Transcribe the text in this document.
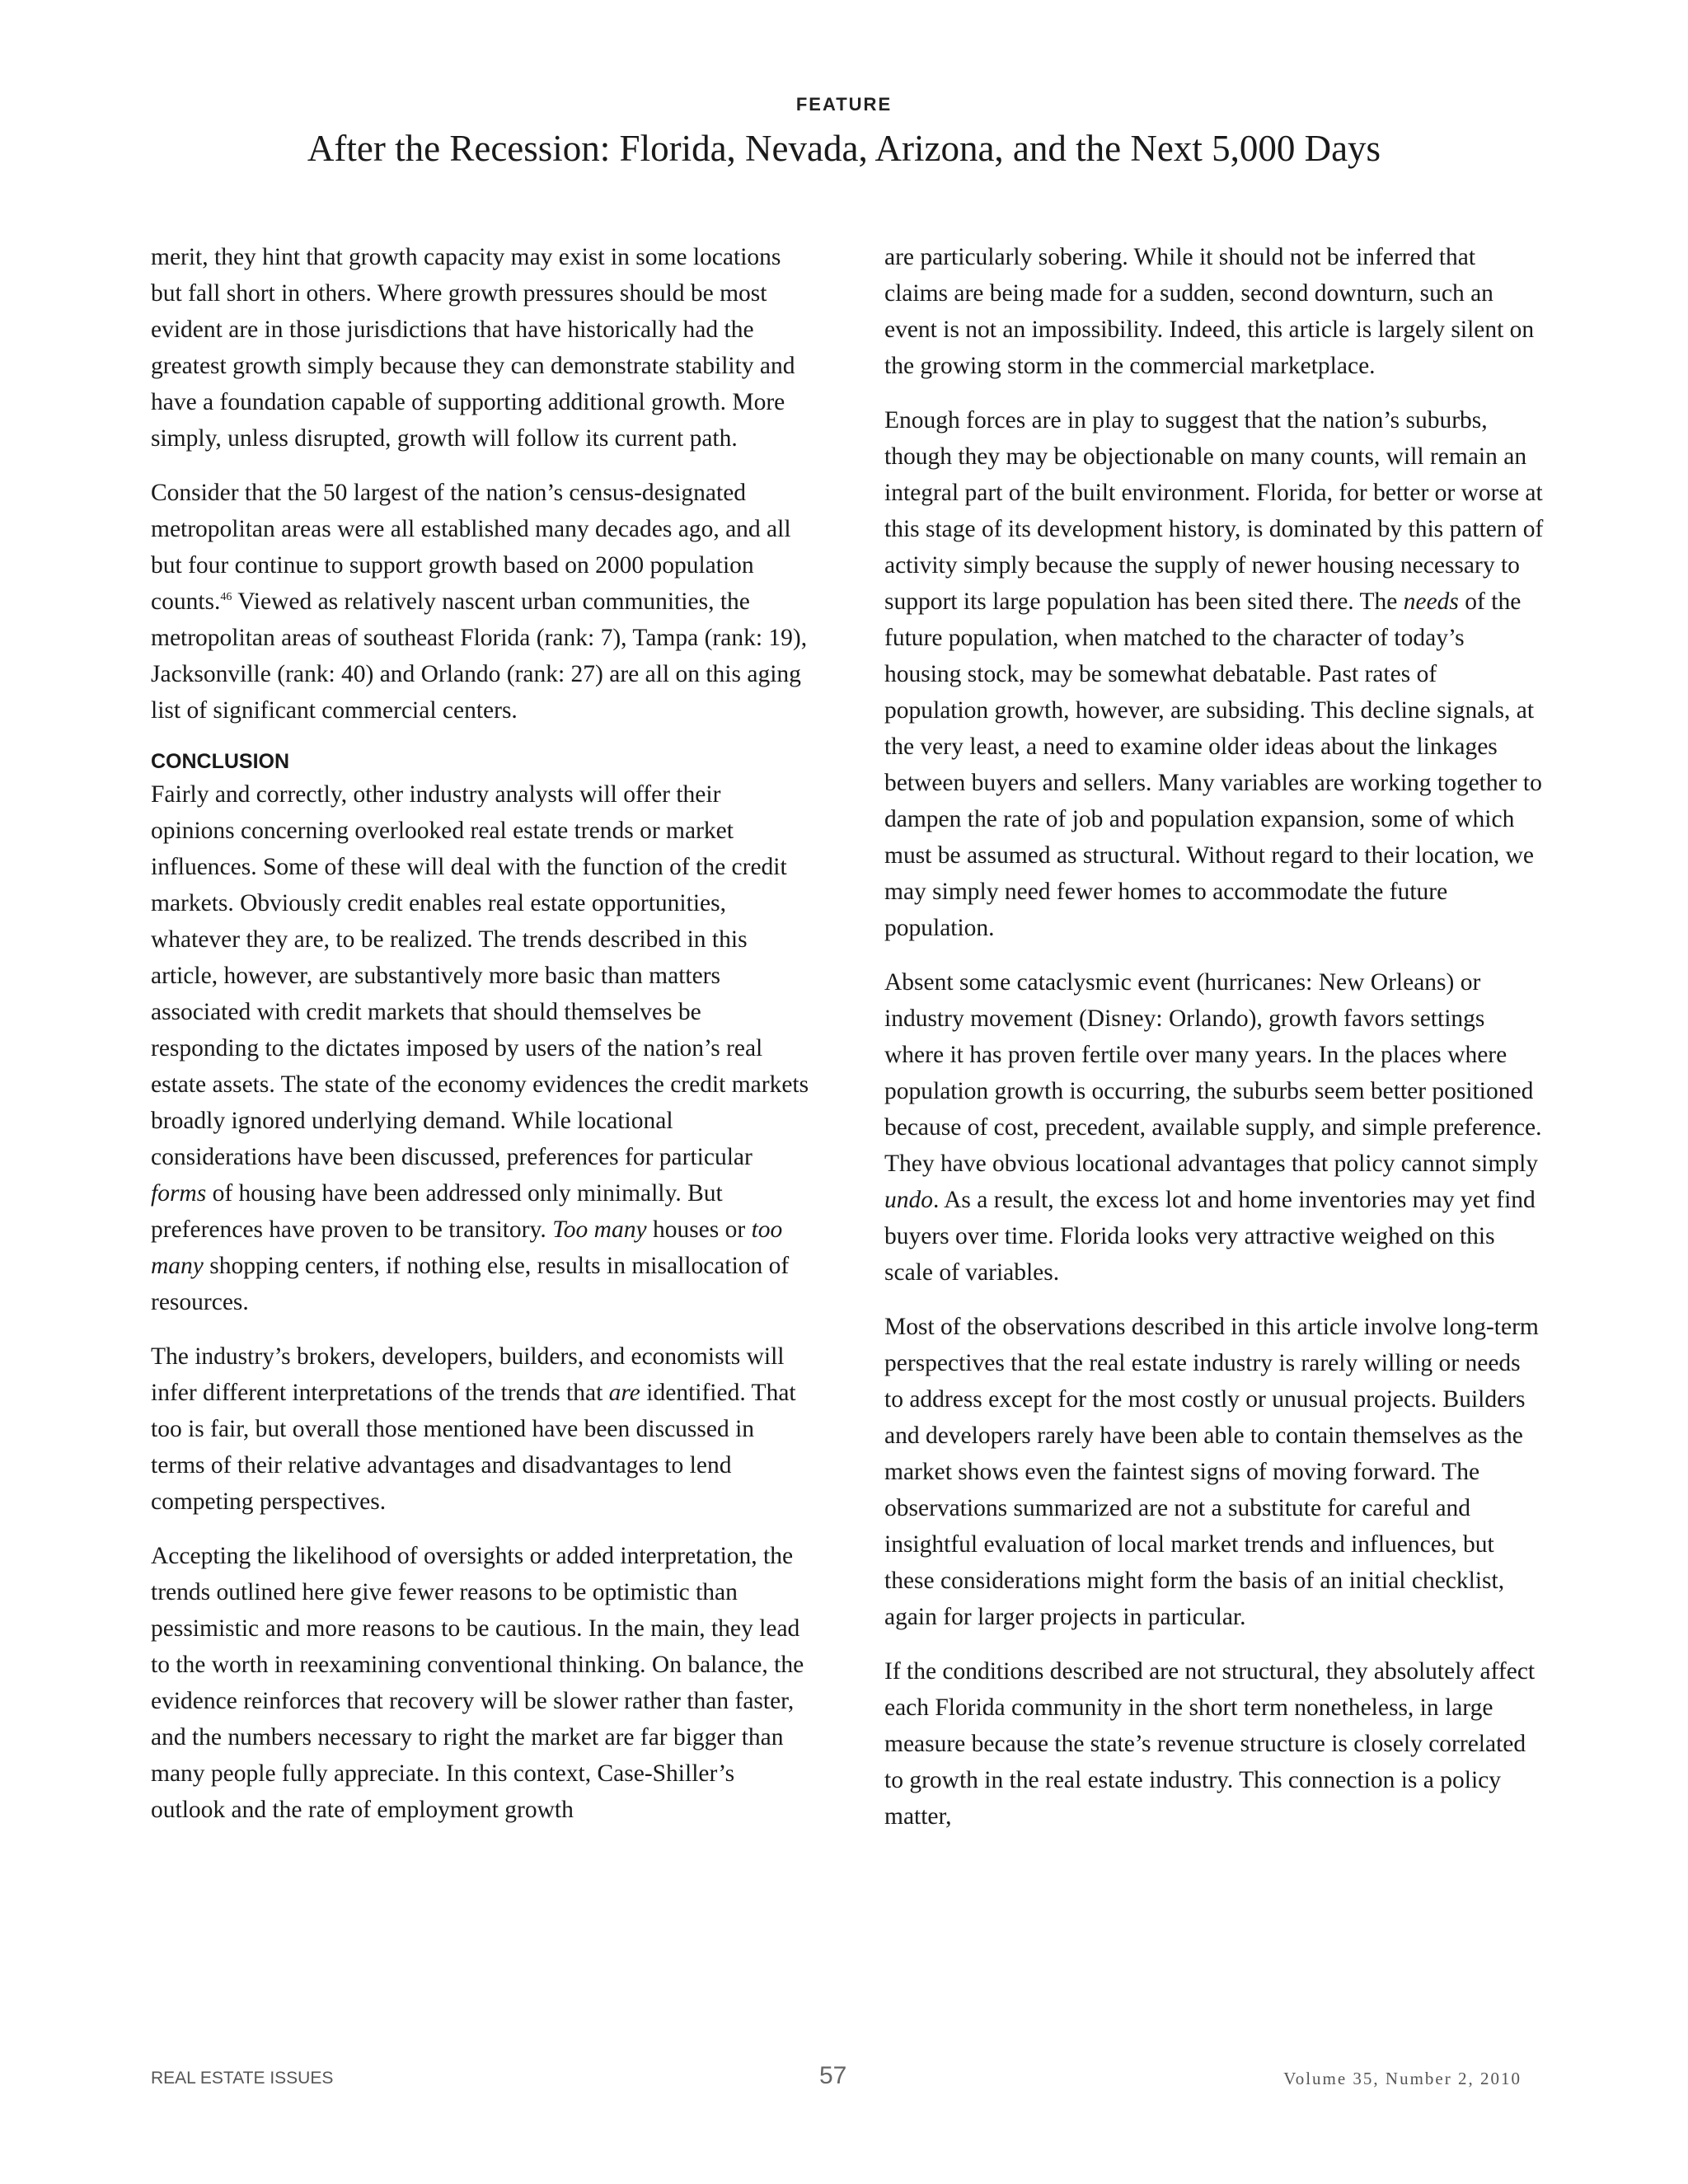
FEATURE
After the Recession: Florida, Nevada, Arizona, and the Next 5,000 Days

merit, they hint that growth capacity may exist in some locations but fall short in others. Where growth pressures should be most evident are in those jurisdictions that have historically had the greatest growth simply because they can demonstrate stability and have a foundation capable of supporting additional growth. More simply, unless disrupted, growth will follow its current path.

Consider that the 50 largest of the nation’s census-designated metropolitan areas were all established many decades ago, and all but four continue to support growth based on 2000 population counts.$^{46}$ Viewed as relatively nascent urban communities, the metropolitan areas of southeast Florida (rank: 7), Tampa (rank: 19), Jacksonville (rank: 40) and Orlando (rank: 27) are all on this aging list of significant commercial centers.

CONCLUSION

Fairly and correctly, other industry analysts will offer their opinions concerning overlooked real estate trends or market influences. Some of these will deal with the function of the credit markets. Obviously credit enables real estate opportunities, whatever they are, to be realized. The trends described in this article, however, are substantively more basic than matters associated with credit markets that should themselves be responding to the dictates imposed by users of the nation’s real estate assets. The state of the economy evidences the credit markets broadly ignored underlying demand. While locational considerations have been discussed, preferences for particular forms of housing have been addressed only minimally. But preferences have proven to be transitory. Too many houses or too many shopping centers, if nothing else, results in misallocation of resources.

The industry’s brokers, developers, builders, and economists will infer different interpretations of the trends that are identified. That too is fair, but overall those mentioned have been discussed in terms of their relative advantages and disadvantages to lend competing perspectives.

Accepting the likelihood of oversights or added interpretation, the trends outlined here give fewer reasons to be optimistic than pessimistic and more reasons to be cautious. In the main, they lead to the worth in reexamining conventional thinking. On balance, the evidence reinforces that recovery will be slower rather than faster, and the numbers necessary to right the market are far bigger than many people fully appreciate. In this context, Case-Shiller’s outlook and the rate of employment growth

are particularly sobering. While it should not be inferred that claims are being made for a sudden, second downturn, such an event is not an impossibility. Indeed, this article is largely silent on the growing storm in the commercial marketplace.

Enough forces are in play to suggest that the nation’s suburbs, though they may be objectionable on many counts, will remain an integral part of the built environment. Florida, for better or worse at this stage of its development history, is dominated by this pattern of activity simply because the supply of newer housing necessary to support its large population has been sited there. The needs of the future population, when matched to the character of today’s housing stock, may be somewhat debatable. Past rates of population growth, however, are subsiding. This decline signals, at the very least, a need to examine older ideas about the linkages between buyers and sellers. Many variables are working together to dampen the rate of job and population expansion, some of which must be assumed as structural. Without regard to their location, we may simply need fewer homes to accommodate the future population.

Absent some cataclysmic event (hurricanes: New Orleans) or industry movement (Disney: Orlando), growth favors settings where it has proven fertile over many years. In the places where population growth is occurring, the suburbs seem better positioned because of cost, precedent, available supply, and simple preference. They have obvious locational advantages that policy cannot simply undo. As a result, the excess lot and home inventories may yet find buyers over time. Florida looks very attractive weighed on this scale of variables.

Most of the observations described in this article involve long-term perspectives that the real estate industry is rarely willing or needs to address except for the most costly or unusual projects. Builders and developers rarely have been able to contain themselves as the market shows even the faintest signs of moving forward. The observations summarized are not a substitute for careful and insightful evaluation of local market trends and influences, but these considerations might form the basis of an initial checklist, again for larger projects in particular.

If the conditions described are not structural, they absolutely affect each Florida community in the short term nonetheless, in large measure because the state’s revenue structure is closely correlated to growth in the real estate industry. This connection is a policy matter,

REAL ESTATE ISSUES	57	Volume 35, Number 2, 2010
